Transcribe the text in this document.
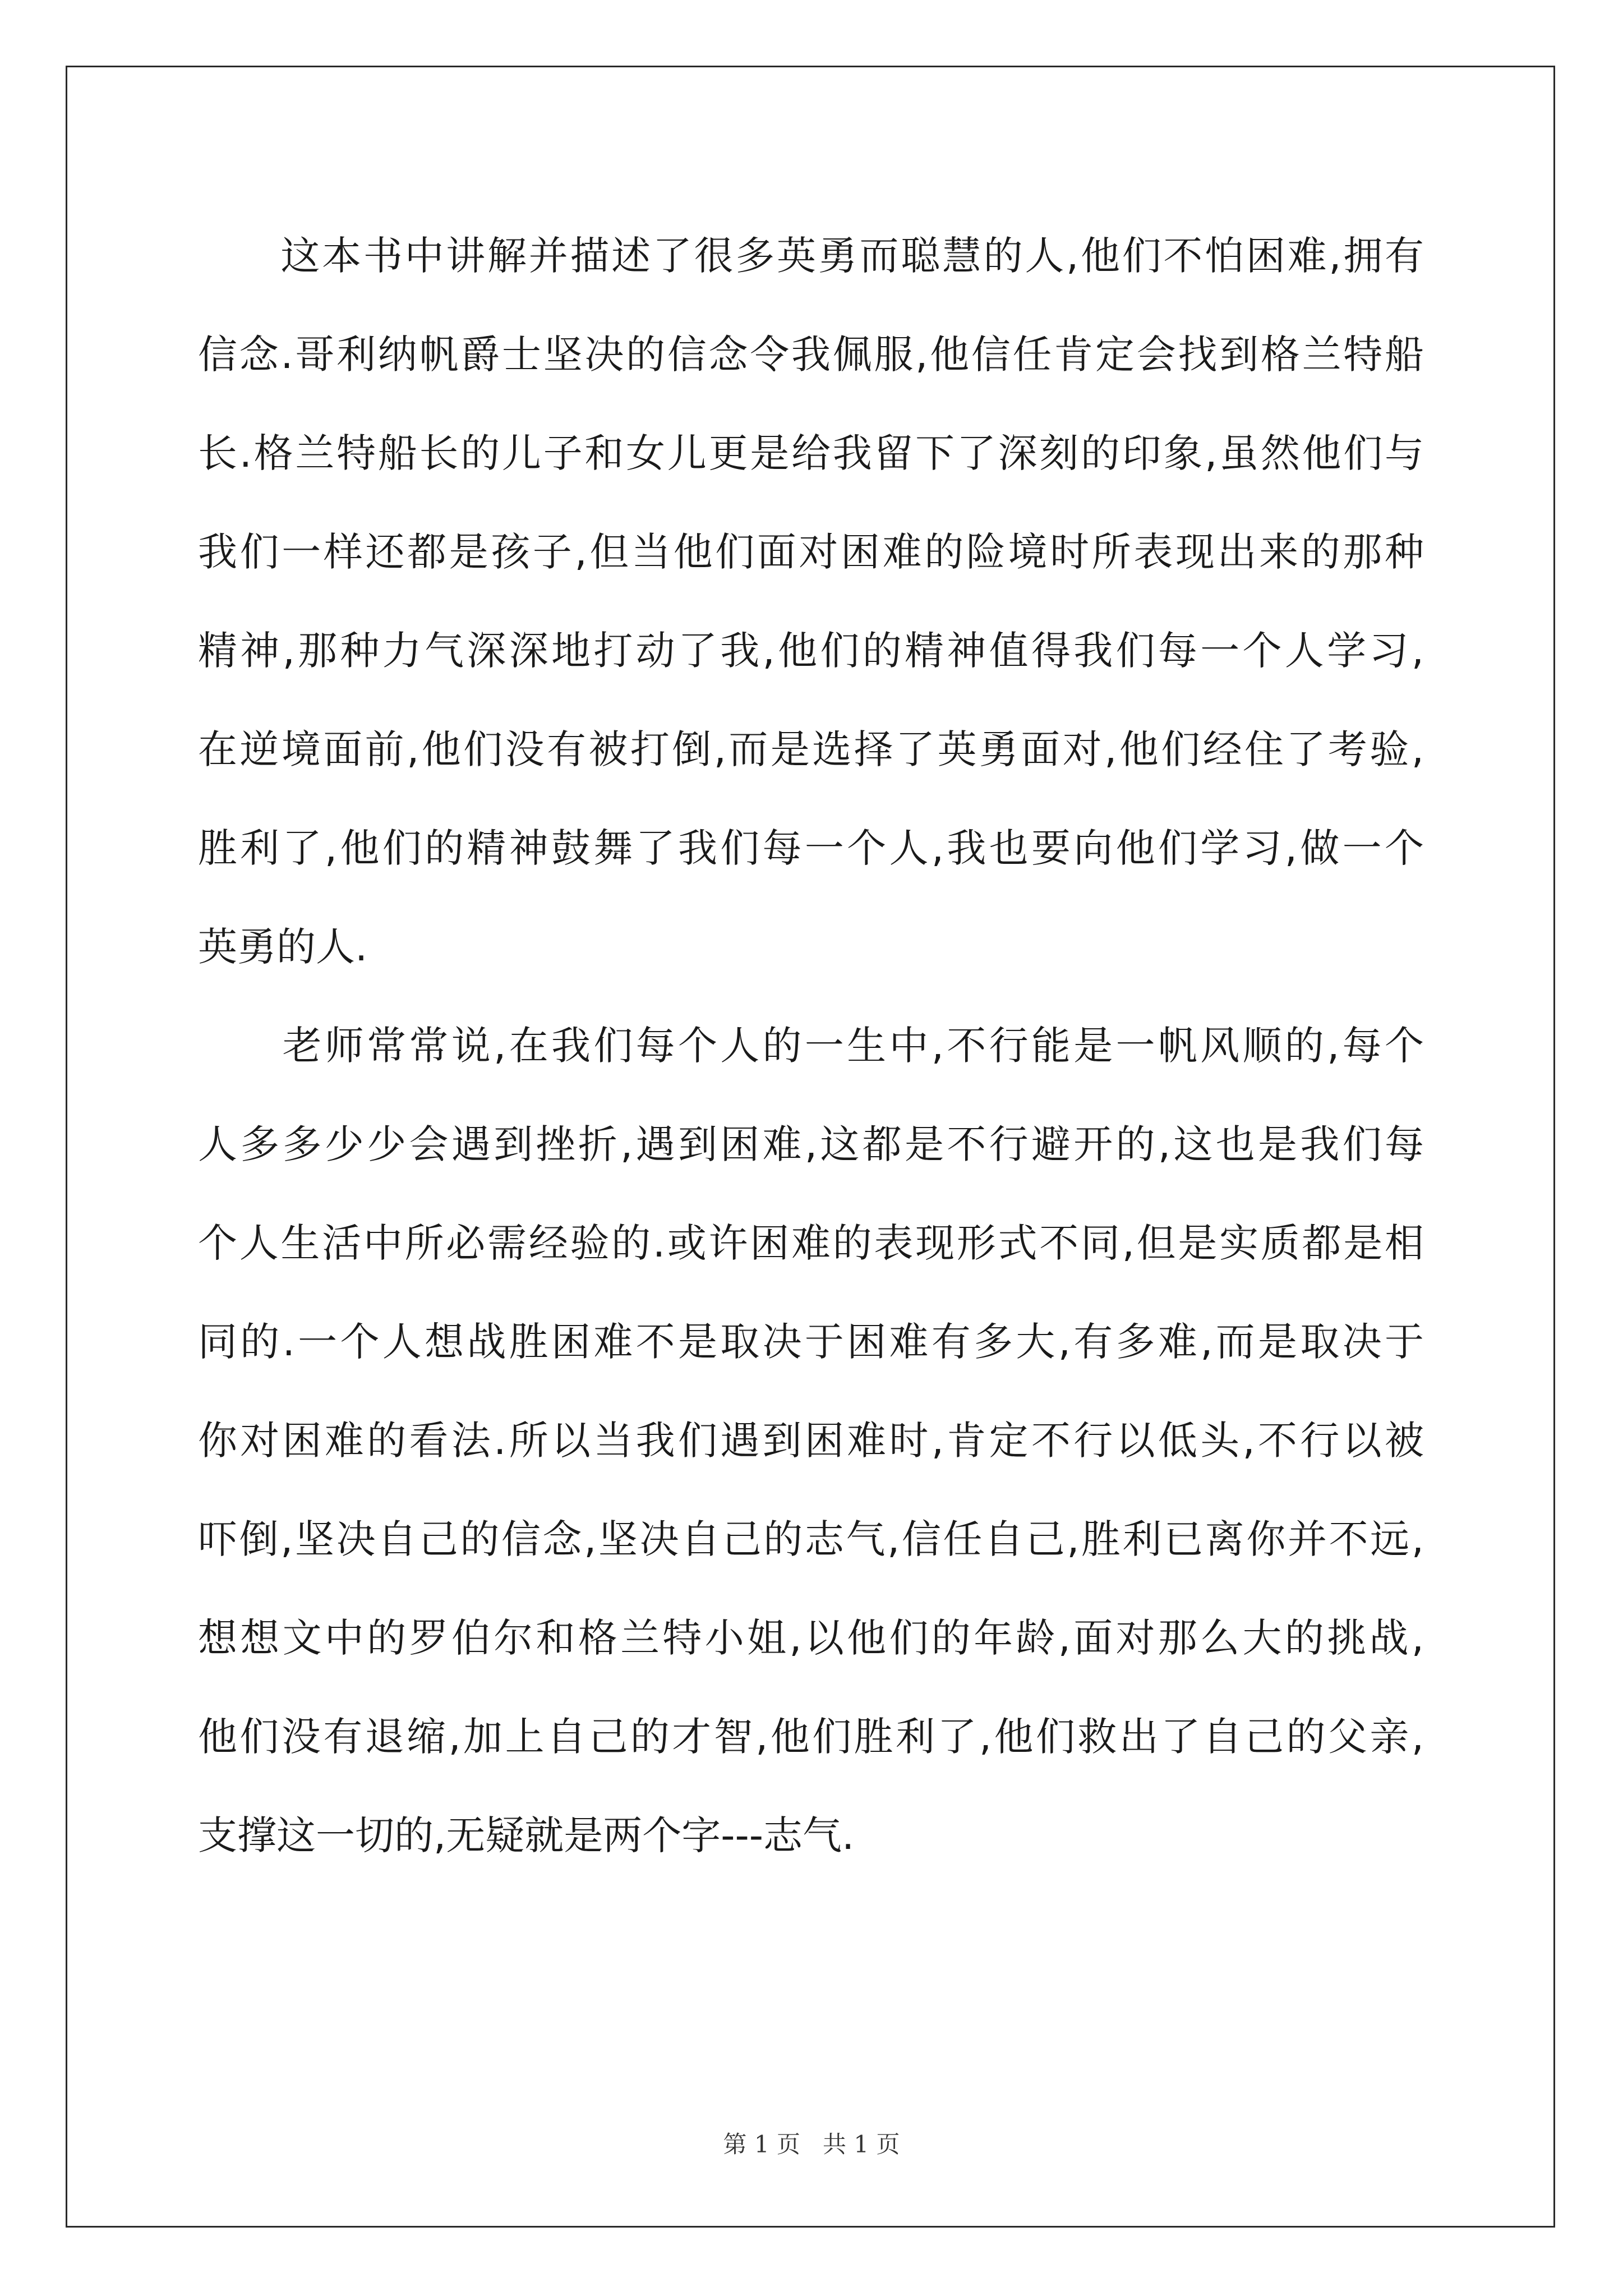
　　这本书中讲解并描述了很多英勇而聪慧的人,他们不怕困难,拥有
信念.哥利纳帆爵士坚决的信念令我佩服,他信任肯定会找到格兰特船
长.格兰特船长的儿子和女儿更是给我留下了深刻的印象,虽然他们与
我们一样还都是孩子,但当他们面对困难的险境时所表现出来的那种
精神,那种力气深深地打动了我,他们的精神值得我们每一个人学习,
在逆境面前,他们没有被打倒,而是选择了英勇面对,他们经住了考验,
胜利了,他们的精神鼓舞了我们每一个人,我也要向他们学习,做一个
英勇的人.
　　老师常常说,在我们每个人的一生中,不行能是一帆风顺的,每个
人多多少少会遇到挫折,遇到困难,这都是不行避开的,这也是我们每
个人生活中所必需经验的.或许困难的表现形式不同,但是实质都是相
同的.一个人想战胜困难不是取决于困难有多大,有多难,而是取决于
你对困难的看法.所以当我们遇到困难时,肯定不行以低头,不行以被
吓倒,坚决自己的信念,坚决自己的志气,信任自己,胜利已离你并不远,
想想文中的罗伯尔和格兰特小姐,以他们的年龄,面对那么大的挑战,
他们没有退缩,加上自己的才智,他们胜利了,他们救出了自己的父亲,
支撑这一切的,无疑就是两个字---志气.
第 1 页   共 1 页
